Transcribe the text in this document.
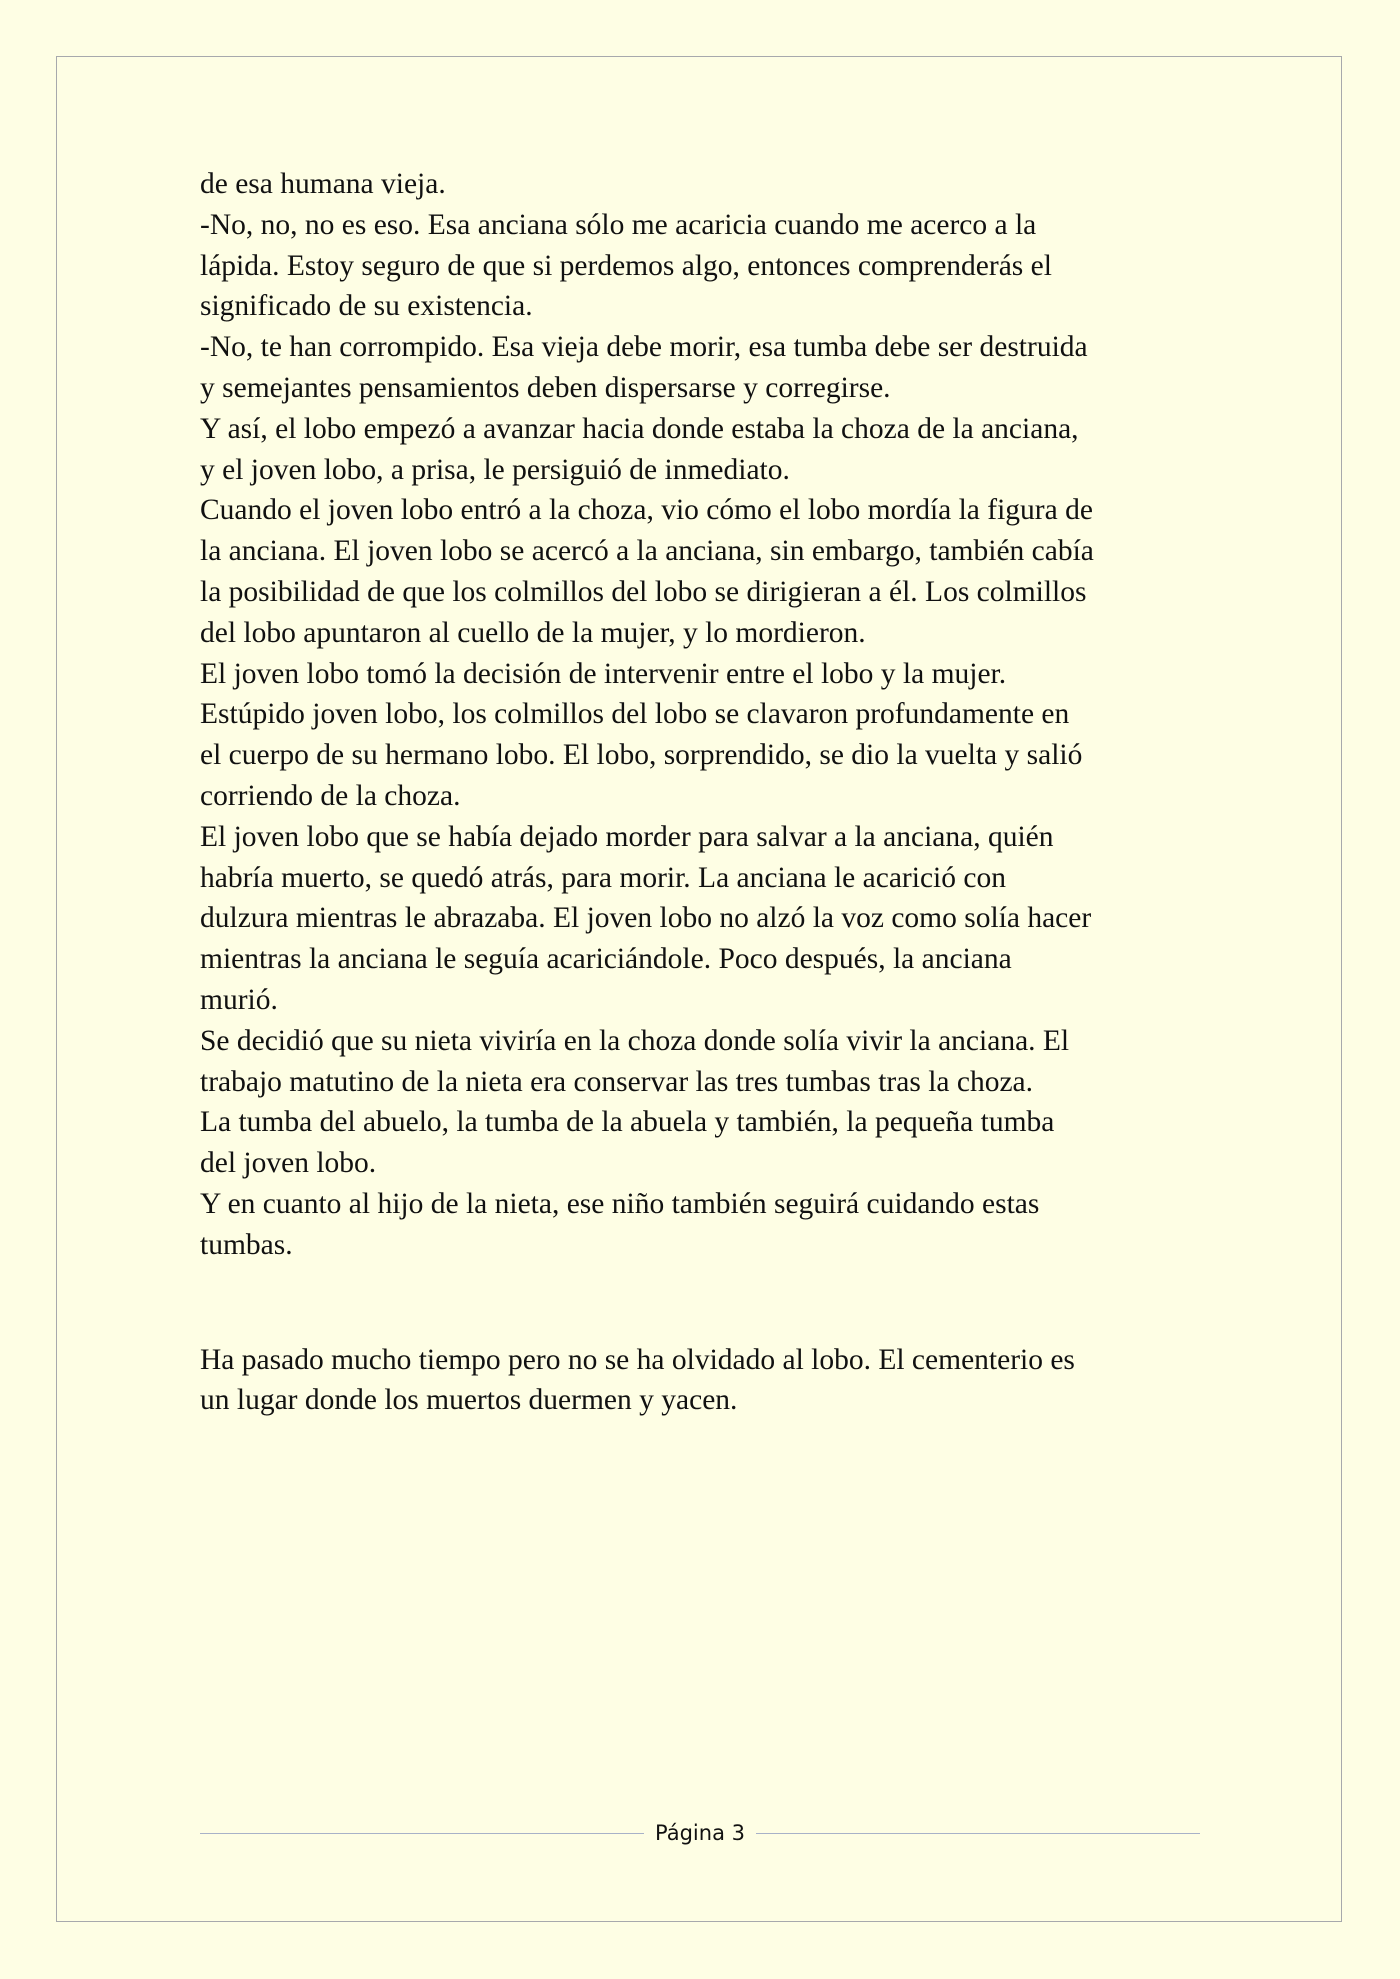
de esa humana vieja.
-No, no, no es eso. Esa anciana sólo me acaricia cuando me acerco a la
lápida. Estoy seguro de que si perdemos algo, entonces comprenderás el
significado de su existencia.
-No, te han corrompido. Esa vieja debe morir, esa tumba debe ser destruida
y semejantes pensamientos deben dispersarse y corregirse.
Y así, el lobo empezó a avanzar hacia donde estaba la choza de la anciana,
y el joven lobo, a prisa, le persiguió de inmediato.
Cuando el joven lobo entró a la choza, vio cómo el lobo mordía la figura de
la anciana. El joven lobo se acercó a la anciana, sin embargo, también cabía
la posibilidad de que los colmillos del lobo se dirigieran a él. Los colmillos
del lobo apuntaron al cuello de la mujer, y lo mordieron.
El joven lobo tomó la decisión de intervenir entre el lobo y la mujer.
Estúpido joven lobo, los colmillos del lobo se clavaron profundamente en
el cuerpo de su hermano lobo. El lobo, sorprendido, se dio la vuelta y salió
corriendo de la choza.
El joven lobo que se había dejado morder para salvar a la anciana, quién
habría muerto, se quedó atrás, para morir. La anciana le acarició con
dulzura mientras le abrazaba. El joven lobo no alzó la voz como solía hacer
mientras la anciana le seguía acariciándole. Poco después, la anciana
murió.
Se decidió que su nieta viviría en la choza donde solía vivir la anciana. El
trabajo matutino de la nieta era conservar las tres tumbas tras la choza.
La tumba del abuelo, la tumba de la abuela y también, la pequeña tumba
del joven lobo.
Y en cuanto al hijo de la nieta, ese niño también seguirá cuidando estas
tumbas.
Ha pasado mucho tiempo pero no se ha olvidado al lobo. El cementerio es
un lugar donde los muertos duermen y yacen.
Página 3
